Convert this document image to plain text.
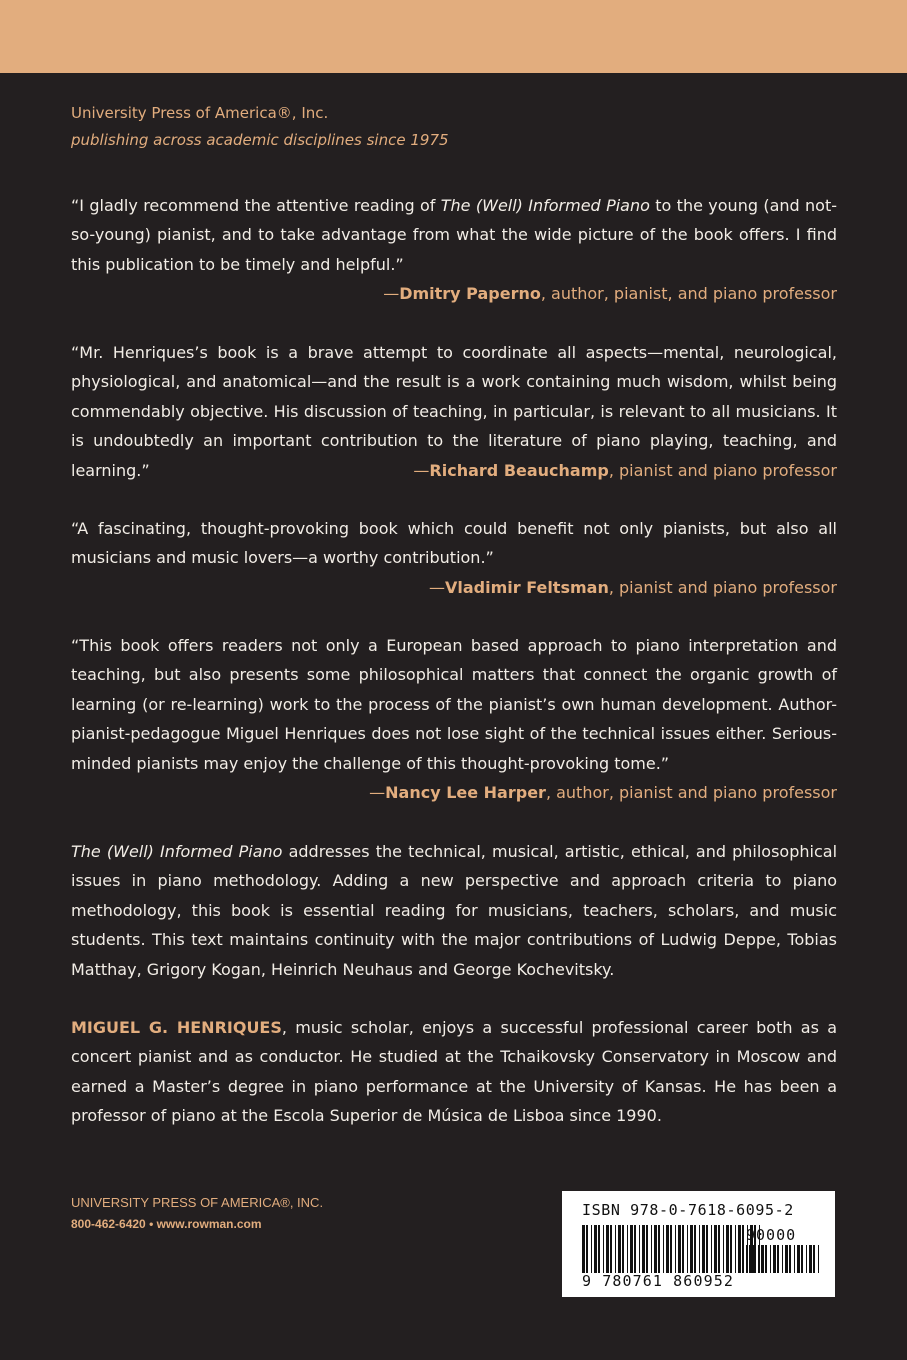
University Press of America®, Inc.
publishing across academic disciplines since 1975

“I gladly recommend the attentive reading of The (Well) Informed Piano to the young (and not-so-young) pianist, and to take advantage from what the wide picture of the book offers. I find this publication to be timely and helpful.”

—Dmitry Paperno, author, pianist, and piano professor

“Mr. Henriques’s book is a brave attempt to coordinate all aspects—mental, neurological, physiological, and anatomical—and the result is a work containing much wisdom, whilst being commendably objective. His discussion of teaching, in particular, is relevant to all musicians. It is undoubtedly an important contribution to the literature of piano playing, teaching, and learning.”	—Richard Beauchamp, pianist and piano professor

“A fascinating, thought-provoking book which could benefit not only pianists, but also all musicians and music lovers—a worthy contribution.”

—Vladimir Feltsman, pianist and piano professor

“This book offers readers not only a European based approach to piano interpretation and teaching, but also presents some philosophical matters that connect the organic growth of learning (or re-learning) work to the process of the pianist’s own human development. Author-pianist-pedagogue Miguel Henriques does not lose sight of the technical issues either. Serious-minded pianists may enjoy the challenge of this thought-provoking tome.”

—Nancy Lee Harper, author, pianist and piano professor

The (Well) Informed Piano addresses the technical, musical, artistic, ethical, and philosophical issues in piano methodology. Adding a new perspective and approach criteria to piano methodology, this book is essential reading for musicians, teachers, scholars, and music students. This text maintains continuity with the major contributions of Ludwig Deppe, Tobias Matthay, Grigory Kogan, Heinrich Neuhaus and George Kochevitsky.

MIGUEL G. HENRIQUES, music scholar, enjoys a successful professional career both as a concert pianist and as conductor. He studied at the Tchaikovsky Conservatory in Moscow and earned a Master’s degree in piano performance at the University of Kansas. He has been a professor of piano at the Escola Superior de Música de Lisboa since 1990.

UNIVERSITY PRESS OF AMERICA®, INC.
800-462-6420 • www.rowman.com
ISBN 978-0-7618-6095-2
90000
9 780761 860952
